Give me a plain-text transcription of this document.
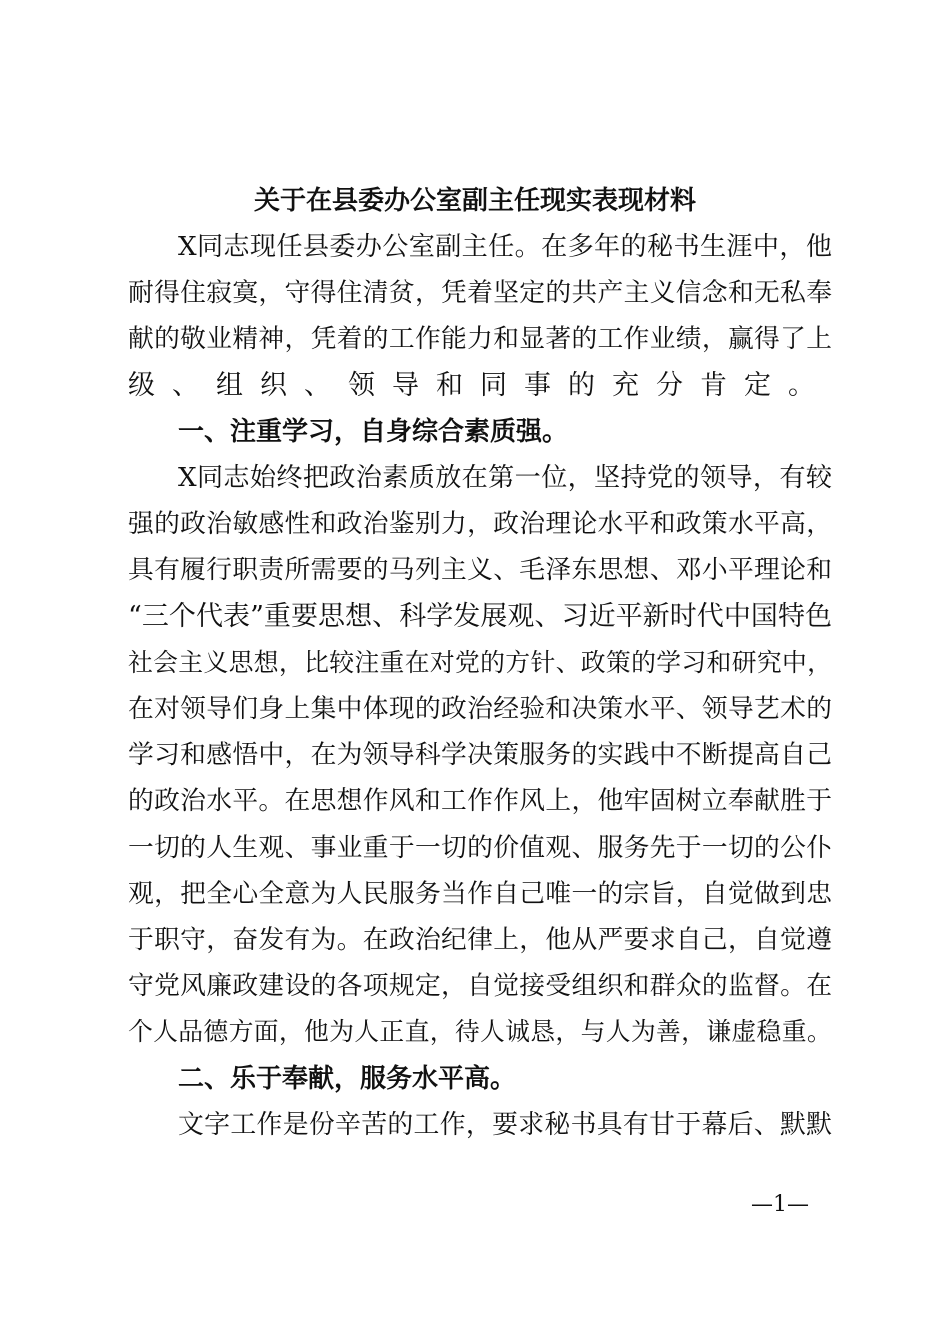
关于在县委办公室副主任现实表现材料
X同志现任县委办公室副主任。在多年的秘书生涯中，他
耐得住寂寞，守得住清贫，凭着坚定的共产主义信念和无私奉
献的敬业精神，凭着的工作能力和显著的工作业绩，赢得了上
级、组织、领导和同事的充分肯定。
一、注重学习，自身综合素质强。
X同志始终把政治素质放在第一位，坚持党的领导，有较
强的政治敏感性和政治鉴别力，政治理论水平和政策水平高，
具有履行职责所需要的马列主义、毛泽东思想、邓小平理论和
“三个代表”重要思想、科学发展观、习近平新时代中国特色
社会主义思想，比较注重在对党的方针、政策的学习和研究中，
在对领导们身上集中体现的政治经验和决策水平、领导艺术的
学习和感悟中，在为领导科学决策服务的实践中不断提高自己
的政治水平。在思想作风和工作作风上，他牢固树立奉献胜于
一切的人生观、事业重于一切的价值观、服务先于一切的公仆
观，把全心全意为人民服务当作自己唯一的宗旨，自觉做到忠
于职守，奋发有为。在政治纪律上，他从严要求自己，自觉遵
守党风廉政建设的各项规定，自觉接受组织和群众的监督。在
个人品德方面，他为人正直，待人诚恳，与人为善，谦虚稳重。
二、乐于奉献，服务水平高。
文字工作是份辛苦的工作，要求秘书具有甘于幕后、默默
—1—
